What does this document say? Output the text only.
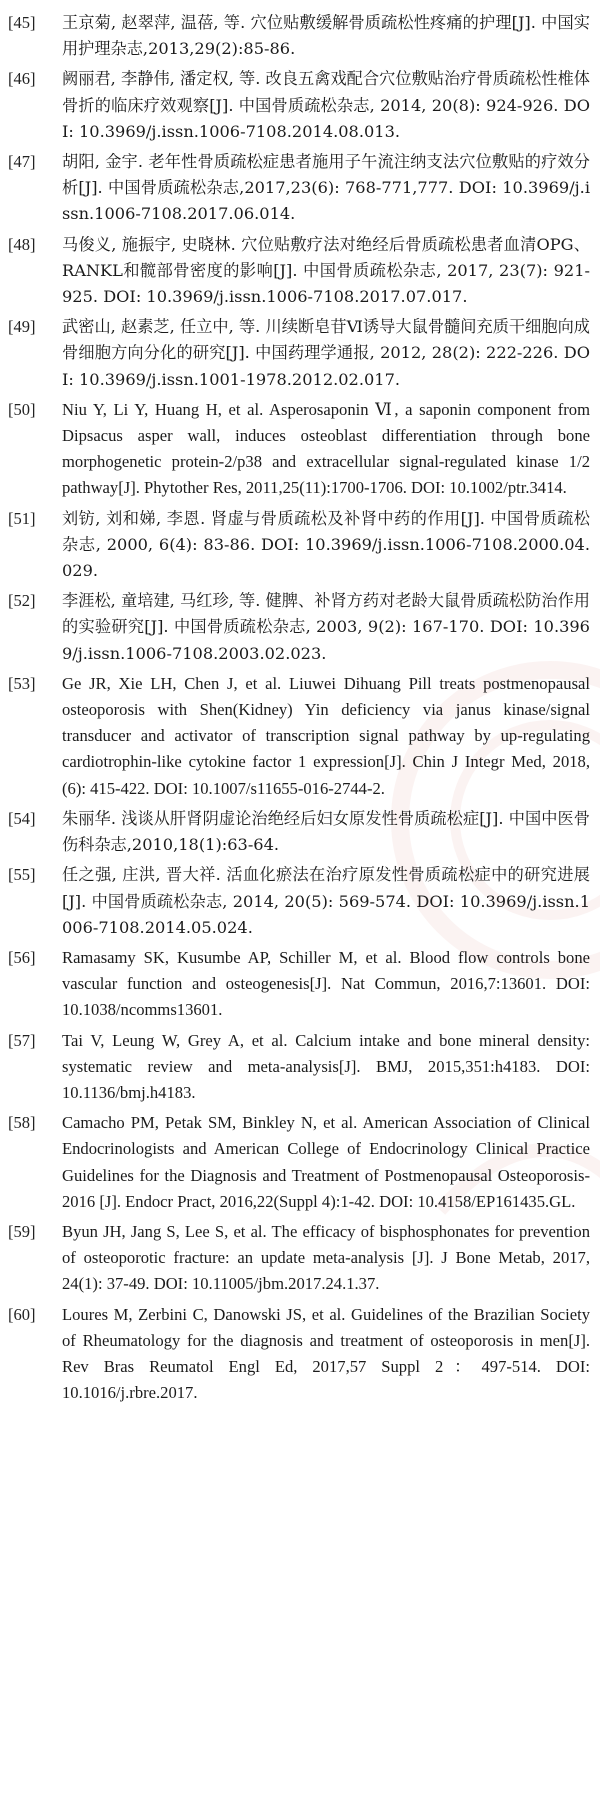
[45]	王京菊, 赵翠萍, 温蓓, 等. 穴位贴敷缓解骨质疏松性疼痛的护理[J]. 中国实用护理杂志,2013,29(2):85-86.

[46]	阙丽君, 李静伟, 潘定权, 等. 改良五禽戏配合穴位敷贴治疗骨质疏松性椎体骨折的临床疗效观察[J]. 中国骨质疏松杂志, 2014, 20(8): 924-926. DOI: 10.3969/j.issn.1006-7108.2014.08.013.

[47]	胡阳, 金宇. 老年性骨质疏松症患者施用子午流注纳支法穴位敷贴的疗效分析[J]. 中国骨质疏松杂志,2017,23(6): 768-771,777. DOI: 10.3969/j.issn.1006-7108.2017.06.014.

[48]	马俊义, 施振宇, 史晓林. 穴位贴敷疗法对绝经后骨质疏松患者血清OPG、RANKL和髋部骨密度的影响[J]. 中国骨质疏松杂志, 2017, 23(7): 921-925. DOI: 10.3969/j.issn.1006-7108.2017.07.017.

[49]	武密山, 赵素芝, 任立中, 等. 川续断皂苷Ⅵ诱导大鼠骨髓间充质干细胞向成骨细胞方向分化的研究[J]. 中国药理学通报, 2012, 28(2): 222-226. DOI: 10.3969/j.issn.1001-1978.2012.02.017.

[50]	Niu Y, Li Y, Huang H, et al. Asperosaponin Ⅵ, a saponin component from Dipsacus asper wall, induces osteoblast differentiation through bone morphogenetic protein-2/p38 and extracellular signal-regulated kinase 1/2 pathway[J]. Phytother Res, 2011,25(11):1700-1706. DOI: 10.1002/ptr.3414.

[51]	刘钫, 刘和娣, 李恩. 肾虚与骨质疏松及补肾中药的作用[J]. 中国骨质疏松杂志, 2000, 6(4): 83-86. DOI: 10.3969/j.issn.1006-7108.2000.04.029.

[52]	李涯松, 童培建, 马红珍, 等. 健脾、补肾方药对老龄大鼠骨质疏松防治作用的实验研究[J]. 中国骨质疏松杂志, 2003, 9(2): 167-170. DOI: 10.3969/j.issn.1006-7108.2003.02.023.

[53]	Ge JR, Xie LH, Chen J, et al. Liuwei Dihuang Pill treats postmenopausal osteoporosis with Shen(Kidney) Yin deficiency via janus kinase/signal transducer and activator of transcription signal pathway by up-regulating cardiotrophin-like cytokine factor 1 expression[J]. Chin J Integr Med, 2018, (6): 415-422. DOI: 10.1007/s11655-016-2744-2.

[54]	朱丽华. 浅谈从肝肾阴虚论治绝经后妇女原发性骨质疏松症[J]. 中国中医骨伤科杂志,2010,18(1):63-64.

[55]	任之强, 庄洪, 晋大祥. 活血化瘀法在治疗原发性骨质疏松症中的研究进展[J]. 中国骨质疏松杂志, 2014, 20(5): 569-574. DOI: 10.3969/j.issn.1006-7108.2014.05.024.

[56]	Ramasamy SK, Kusumbe AP, Schiller M, et al. Blood flow controls bone vascular function and osteogenesis[J]. Nat Commun, 2016,7:13601. DOI: 10.1038/ncomms13601.

[57]	Tai V, Leung W, Grey A, et al. Calcium intake and bone mineral density: systematic review and meta-analysis[J]. BMJ, 2015,351:h4183. DOI: 10.1136/bmj.h4183.

[58]	Camacho PM, Petak SM, Binkley N, et al. American Association of Clinical Endocrinologists and American College of Endocrinology Clinical Practice Guidelines for the Diagnosis and Treatment of Postmenopausal Osteoporosis-2016 [J]. Endocr Pract, 2016,22(Suppl 4):1-42. DOI: 10.4158/EP161435.GL.

[59]	Byun JH, Jang S, Lee S, et al. The efficacy of bisphosphonates for prevention of osteoporotic fracture: an update meta-analysis [J]. J Bone Metab, 2017, 24(1): 37-49. DOI: 10.11005/jbm.2017.24.1.37.

[60]	Loures M, Zerbini C, Danowski JS, et al. Guidelines of the Brazilian Society of Rheumatology for the diagnosis and treatment of osteoporosis in men[J]. Rev Bras Reumatol Engl Ed, 2017,57 Suppl 2：497-514. DOI: 10.1016/j.rbre.2017.
